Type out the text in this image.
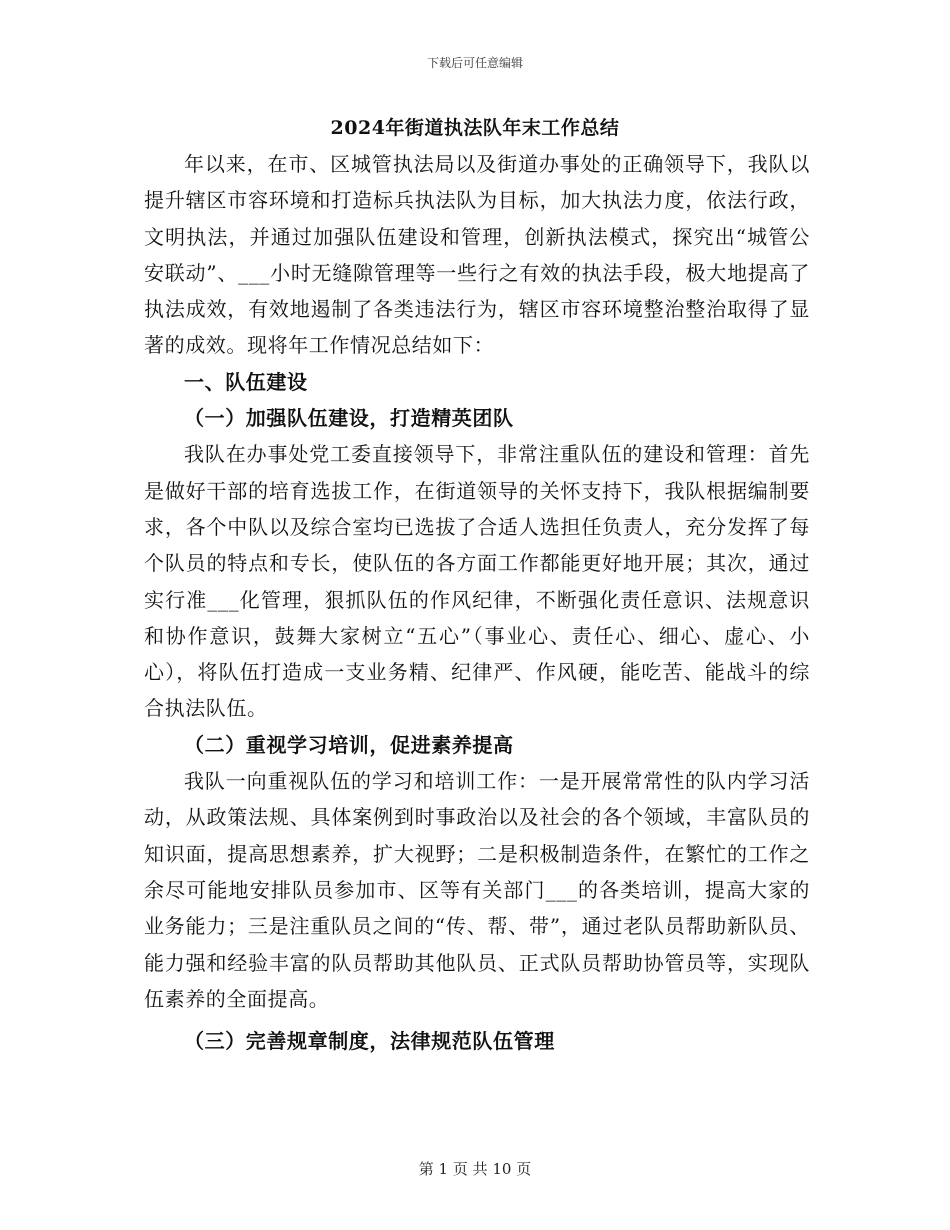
下载后可任意编辑
2024年街道执法队年末工作总结

年以来，在市、区城管执法局以及街道办事处的正确领导下，我队以提升辖区市容环境和打造标兵执法队为目标，加大执法力度，依法行政，文明执法，并通过加强队伍建设和管理，创新执法模式，探究出“城管公安联动”、___小时无缝隙管理等一些行之有效的执法手段，极大地提高了执法成效，有效地遏制了各类违法行为，辖区市容环境整治整治取得了显著的成效。现将年工作情况总结如下：

一、队伍建设

（一）加强队伍建设，打造精英团队

我队在办事处党工委直接领导下，非常注重队伍的建设和管理：首先是做好干部的培育选拔工作，在街道领导的关怀支持下，我队根据编制要求，各个中队以及综合室均已选拔了合适人选担任负责人，充分发挥了每个队员的特点和专长，使队伍的各方面工作都能更好地开展；其次，通过实行准___化管理，狠抓队伍的作风纪律，不断强化责任意识、法规意识和协作意识，鼓舞大家树立“五心”（事业心、责任心、细心、虚心、小心），将队伍打造成一支业务精、纪律严、作风硬，能吃苦、能战斗的综合执法队伍。

（二）重视学习培训，促进素养提高

我队一向重视队伍的学习和培训工作：一是开展常常性的队内学习活动，从政策法规、具体案例到时事政治以及社会的各个领域，丰富队员的知识面，提高思想素养，扩大视野；二是积极制造条件，在繁忙的工作之余尽可能地安排队员参加市、区等有关部门___的各类培训，提高大家的业务能力；三是注重队员之间的“传、帮、带”，通过老队员帮助新队员、能力强和经验丰富的队员帮助其他队员、正式队员帮助协管员等，实现队伍素养的全面提高。

（三）完善规章制度，法律规范队伍管理

第 1 页 共 10 页
